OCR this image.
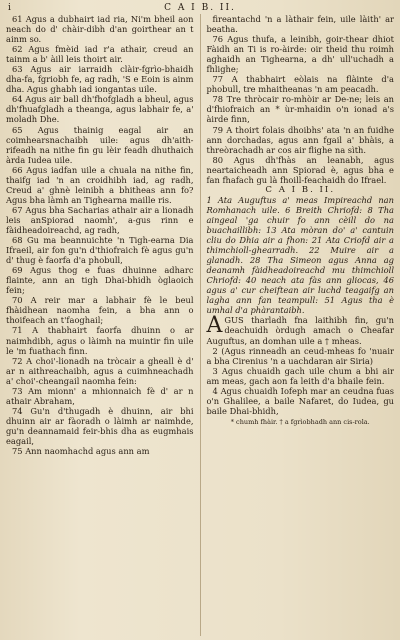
i	C A I B. II.

61 Agus a dubhairt iad ria, Ni'm bheil aon neach do d' chàir-dibh d'an goirthear an t ainm so.

62 Agus fmèid iad r'a athair, creud an tainm a b' àill leis thoirt air.

63 Agus air iarraidh clàir-fgrìo-bhaidh dha-fa, fgriobh fe, ag radh, 'S e Eoin is ainm dha. Agus ghabh iad iongantas uile.

64 Agus air ball dh'fhofgladh a bheul, agus dh'fhuafgladh a theanga, agus labhair fe, a' moladh Dhe.

65 Agus thainig eagal air an coimhearsnachaibh uile: agus dh'aith-rifeadh na nithe fin gu lèir feadh dhuthaich àrda Iudea uile.

66 Agus iadfan uile a chuala na nithe fin, thaifg iad 'n an croidhibh iad, ag radh, Creud a' ghnè leinibh a bhitheas ann fo? Agus bha làmh an Tighearna maille ris.

67 Agus bha Sacharias athair air a lionadh leis anSpiorad naomh', a-gus rinn e fàidheadoireachd, ag radh,

68 Gu ma beannuichte 'n Tigh-earna Dia Ifraeil, air fon gu'n d'thiofraich fè agus gu'n d' thug è faorfa d'a phobull,

69 Agus thog e fuas dhuinne adharc flainte, ann an tigh Dhai-bhidh òglaoich fein;

70 A reir mar a labhair fè le beul fhàidhean naomha fein, a bha ann o thoifeach an t'faoghail;

71 A thabhairt faorfa dhuinn o ar naimhdibh, agus o làimh na muintir fin uile le 'm fuathach finn.

72 A choi'-lionadh na tròcair a gheall è d' ar n aithreachaibh, agus a cuimhneachadh a' choi'-cheangail naomha fein:

73 Am mionn' a mhionnaich fè d' ar n athair Abraham,

74 Gu'n d'thugadh è dhuinn, air bhi dhuinn air ar fàoradh o làimh ar naimhde, gu'n deannamaid feir-bhis dha as eugmhais eagail,

75 Ann naomhachd agus ann am

fireantachd 'n a làthair fein, uile làith' ar beatha.

76 Agus thufa, a leinibh, goir-thear dhiot Fàidh an Ti is ro-àirde: oir theid thu roimh aghaidh an Tighearna, a dh' ull'uchadh a fhlighe;

77 A thabhairt eòlais na flàinte d'a phobull, tre mhaitheanas 'n am peacadh.

78 Tre thròcair ro-mhòir ar De-ne; leis an d'fhiofraich an * ùr-mhaidin o'n ionad a's àirde finn,

79 A thoirt folais dhoibhs' ata 'n an fuidhe ann dorchadas, agus ann fgail a' bhàis, a threòrachadh ar cos air flighe na sìth.

80 Agus dh'fhàs an leanabh, agus neartaicheadh ann Spiorad è, agus bha e fan fhafach gu là fhoill-feachaidh do Ifrael.

C A I B. II.

1 Ata Auguftus a' meas Impireachd nan Romhanach uile. 6 Breith Chriofd: 8 Tha aingeal 'ga chuir fo ann cèill do na buachaillibh: 13 Ata mòran do' a' cantuin cliu do Dhia air a fhon: 21 Ata Criofd air a thimchioll-ghearradh. 22 Muire air a glanadh. 28 Tha Simeon agus Anna ag deanamh fàidheadoireachd mu thimchioll Chriofd: 40 neach ata fàs ann gliocas, 46 agus a' cur cheiftean air luchd teagaifg an lagha ann fan teampull: 51 Agus tha è umhal d'a phàrantaibh.

A GUS tharladh fna laithibh fin, gu'n deachuidh òrdugh amach o Cheafar Auguftus, an domhan uile a † mheas.

2 (Agus rinneadh an ceud-mheas fo 'nuair a bha Cirenius 'n a uachdaran air Siria)

3 Agus chuaidh gach uile chum a bhi air am meas, gach aon fa leith d'a bhaile fein.

4 Agus chuaidh Iofeph mar an ceudna fuas o'n Ghalilee, a baile Nafaret, do Iudea, gu baile Dhai-bhidh,

* chumh fhàir. † a fgrìobhadh ann cis-rola.
